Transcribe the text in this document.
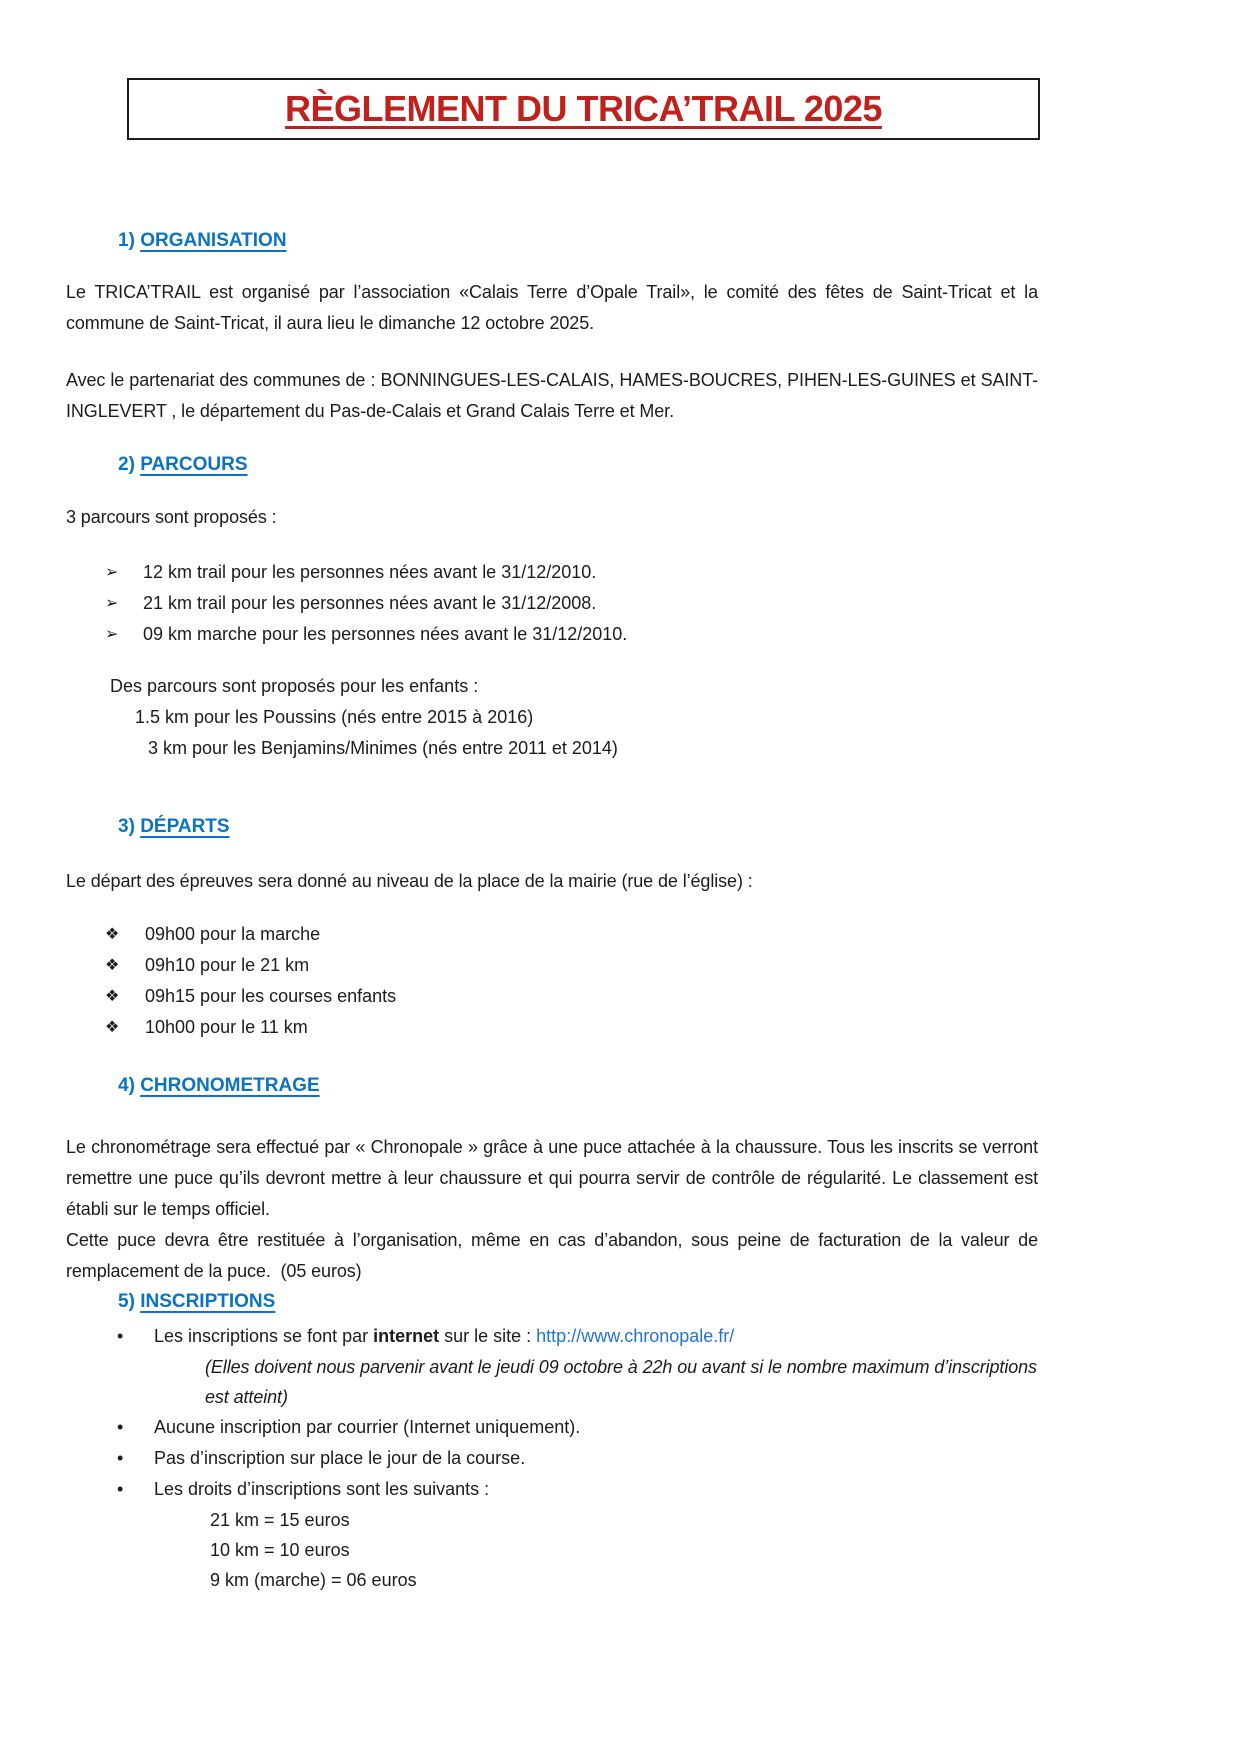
RÈGLEMENT DU TRICA’TRAIL 2025
1) ORGANISATION
Le TRICA’TRAIL est organisé par l’association «Calais Terre d’Opale Trail», le comité des fêtes de Saint-Tricat et la commune de Saint-Tricat, il aura lieu le dimanche 12 octobre 2025.
Avec le partenariat des communes de : BONNINGUES-LES-CALAIS, HAMES-BOUCRES, PIHEN-LES-GUINES et SAINT-INGLEVERT , le département du Pas-de-Calais et Grand Calais Terre et Mer.
2) PARCOURS
3 parcours sont proposés :
➢	12 km trail pour les personnes nées avant le 31/12/2010.
➢	21 km trail pour les personnes nées avant le 31/12/2008.
➢	09 km marche pour les personnes nées avant le 31/12/2010.
Des parcours sont proposés pour les enfants :
1.5 km pour les Poussins (nés entre 2015 à 2016)
3 km pour les Benjamins/Minimes (nés entre 2011 et 2014)
3) DÉPARTS
Le départ des épreuves sera donné au niveau de la place de la mairie (rue de l’église) :
❖	09h00 pour la marche
❖	09h10 pour le 21 km
❖	09h15 pour les courses enfants
❖	10h00 pour le 11 km
4) CHRONOMETRAGE
Le chronométrage sera effectué par « Chronopale » grâce à une puce attachée à la chaussure. Tous les inscrits se verront remettre une puce qu’ils devront mettre à leur chaussure et qui pourra servir de contrôle de régularité. Le classement est établi sur le temps officiel.
Cette puce devra être restituée à l’organisation, même en cas d’abandon, sous peine de facturation de la valeur de remplacement de la puce.  (05 euros)
5) INSCRIPTIONS
•	Les inscriptions se font par internet sur le site : http://www.chronopale.fr/
(Elles doivent nous parvenir avant le jeudi 09 octobre à 22h ou avant si le nombre maximum d’inscriptions est atteint)
•	Aucune inscription par courrier (Internet uniquement).
•	Pas d’inscription sur place le jour de la course.
•	Les droits d’inscriptions sont les suivants :
21 km = 15 euros
10 km = 10 euros
9 km (marche) = 06 euros
